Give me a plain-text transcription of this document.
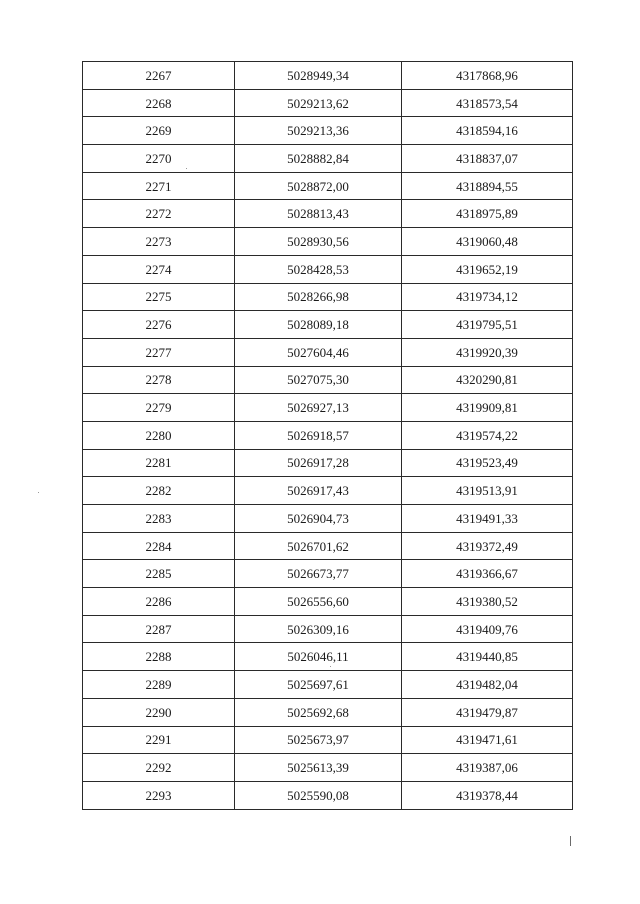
2267	5028949,34	4317868,96
2268	5029213,62	4318573,54
2269	5029213,36	4318594,16
2270	5028882,84	4318837,07
2271	5028872,00	4318894,55
2272	5028813,43	4318975,89
2273	5028930,56	4319060,48
2274	5028428,53	4319652,19
2275	5028266,98	4319734,12
2276	5028089,18	4319795,51
2277	5027604,46	4319920,39
2278	5027075,30	4320290,81
2279	5026927,13	4319909,81
2280	5026918,57	4319574,22
2281	5026917,28	4319523,49
2282	5026917,43	4319513,91
2283	5026904,73	4319491,33
2284	5026701,62	4319372,49
2285	5026673,77	4319366,67
2286	5026556,60	4319380,52
2287	5026309,16	4319409,76
2288	5026046,11	4319440,85
2289	5025697,61	4319482,04
2290	5025692,68	4319479,87
2291	5025673,97	4319471,61
2292	5025613,39	4319387,06
2293	5025590,08	4319378,44
